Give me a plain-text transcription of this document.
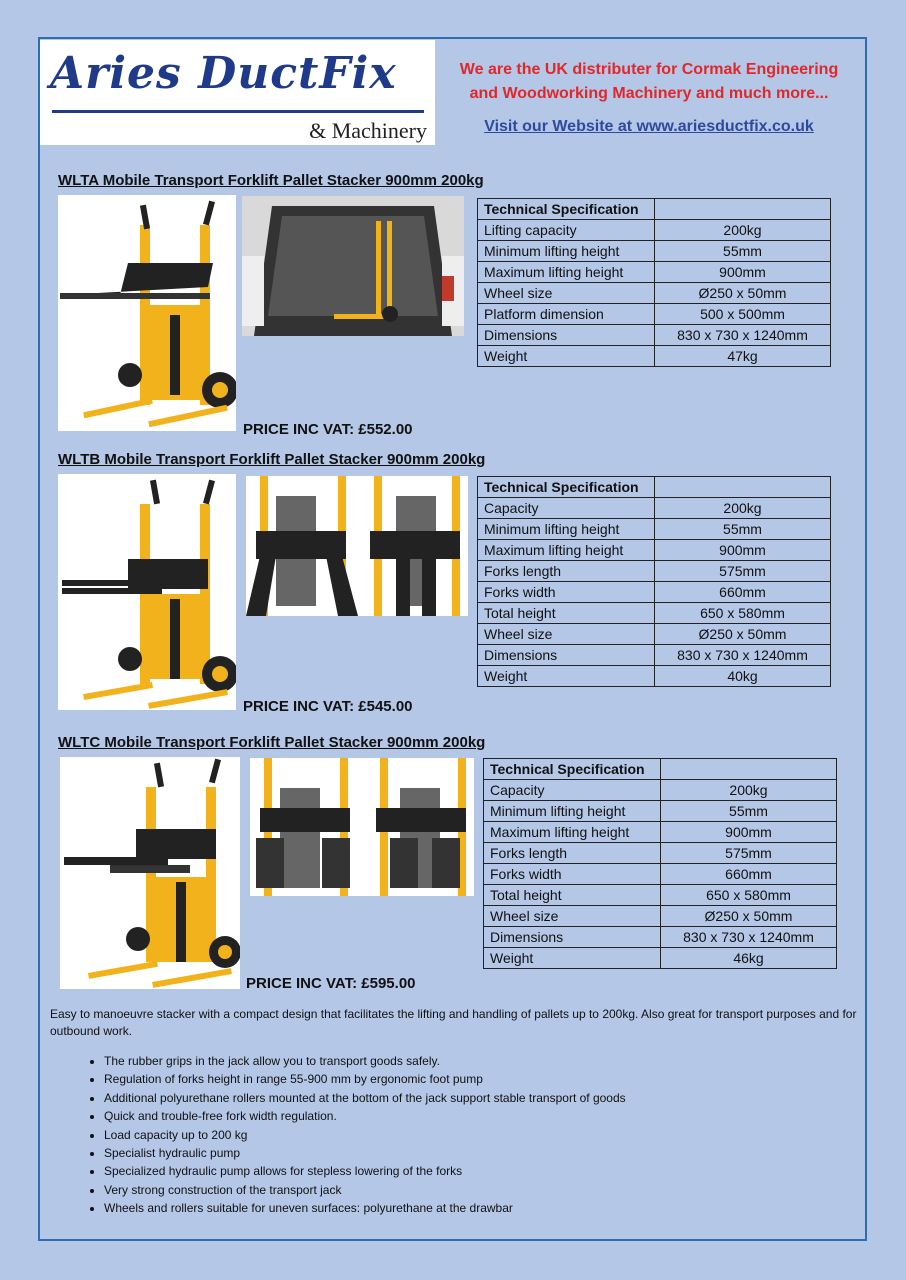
Aries DuctFix
& Machinery
We are the UK distributer for Cormak Engineering
and Woodworking Machinery and much more...
Visit our Website at www.ariesductfix.co.uk
WLTA Mobile Transport Forklift Pallet Stacker 900mm 200kg
Technical Specification	
Lifting capacity	200kg
Minimum lifting height	55mm
Maximum lifting height	900mm
Wheel size	Ø250 x 50mm
Platform dimension	500 x 500mm
Dimensions	830 x 730 x 1240mm
Weight	47kg
PRICE INC VAT: £552.00
WLTB Mobile Transport Forklift Pallet Stacker 900mm 200kg
Technical Specification	
Capacity	200kg
Minimum lifting height	55mm
Maximum lifting height	900mm
Forks length	575mm
Forks width	660mm
Total height	650 x 580mm
Wheel size	Ø250 x 50mm
Dimensions	830 x 730 x 1240mm
Weight	40kg
PRICE INC VAT: £545.00
WLTC Mobile Transport Forklift Pallet Stacker 900mm 200kg
Technical Specification	
Capacity	200kg
Minimum lifting height	55mm
Maximum lifting height	900mm
Forks length	575mm
Forks width	660mm
Total height	650 x 580mm
Wheel size	Ø250 x 50mm
Dimensions	830 x 730 x 1240mm
Weight	46kg
PRICE INC VAT: £595.00
Easy to manoeuvre stacker with a compact design that facilitates the lifting and handling of pallets up to 200kg. Also great for transport purposes and for outbound work.
• The rubber grips in the jack allow you to transport goods safely.
• Regulation of forks height in range 55-900 mm by ergonomic foot pump
• Additional polyurethane rollers mounted at the bottom of the jack support stable transport of goods
• Quick and trouble-free fork width regulation.
• Load capacity up to 200 kg
• Specialist hydraulic pump
• Specialized hydraulic pump allows for stepless lowering of the forks
• Very strong construction of the transport jack
• Wheels and rollers suitable for uneven surfaces: polyurethane at the drawbar
